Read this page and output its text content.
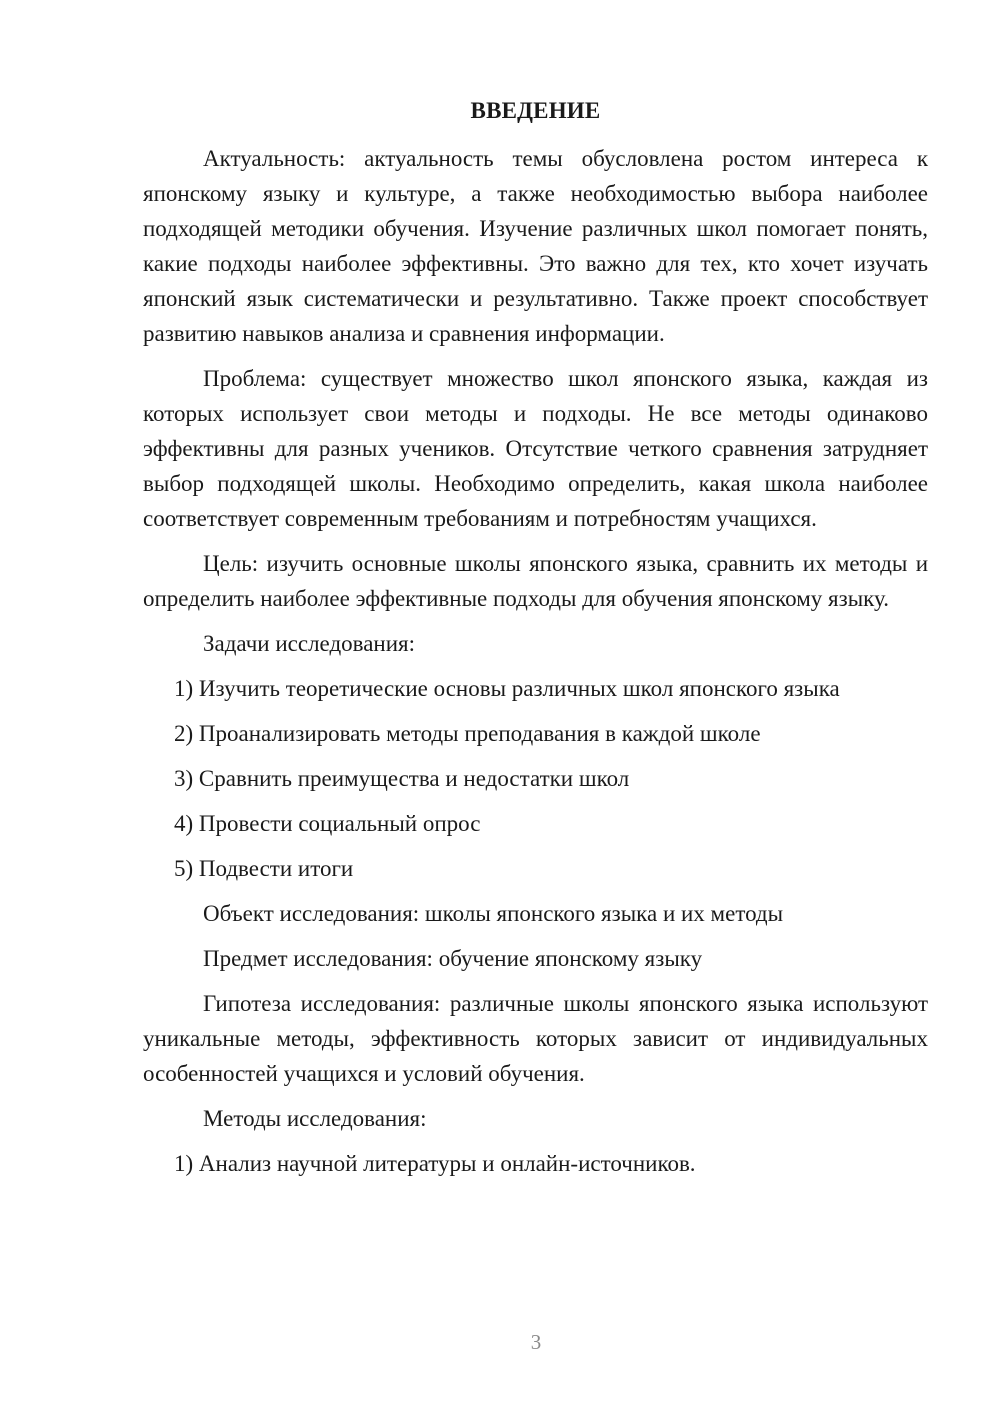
ВВЕДЕНИЕ

Актуальность: актуальность темы обусловлена ростом интереса к японскому языку и культуре, а также необходимостью выбора наиболее подходящей методики обучения. Изучение различных школ помогает понять, какие подходы наиболее эффективны. Это важно для тех, кто хочет изучать японский язык систематически и результативно. Также проект способствует развитию навыков анализа и сравнения информации.

Проблема: существует множество школ японского языка, каждая из которых использует свои методы и подходы. Не все методы одинаково эффективны для разных учеников. Отсутствие четкого сравнения затрудняет выбор подходящей школы. Необходимо определить, какая школа наиболее соответствует современным требованиям и потребностям учащихся.

Цель: изучить основные школы японского языка, сравнить их методы и определить наиболее эффективные подходы для обучения японскому языку.

Задачи исследования:

1) Изучить теоретические основы различных школ японского языка

2) Проанализировать методы преподавания в каждой школе

3) Сравнить преимущества и недостатки школ

4) Провести социальный опрос

5) Подвести итоги

Объект исследования: школы японского языка и их методы

Предмет исследования: обучение японскому языку

Гипотеза исследования: различные школы японского языка используют уникальные методы, эффективность которых зависит от индивидуальных особенностей учащихся и условий обучения.

Методы исследования:

1) Анализ научной литературы и онлайн-источников.

3
